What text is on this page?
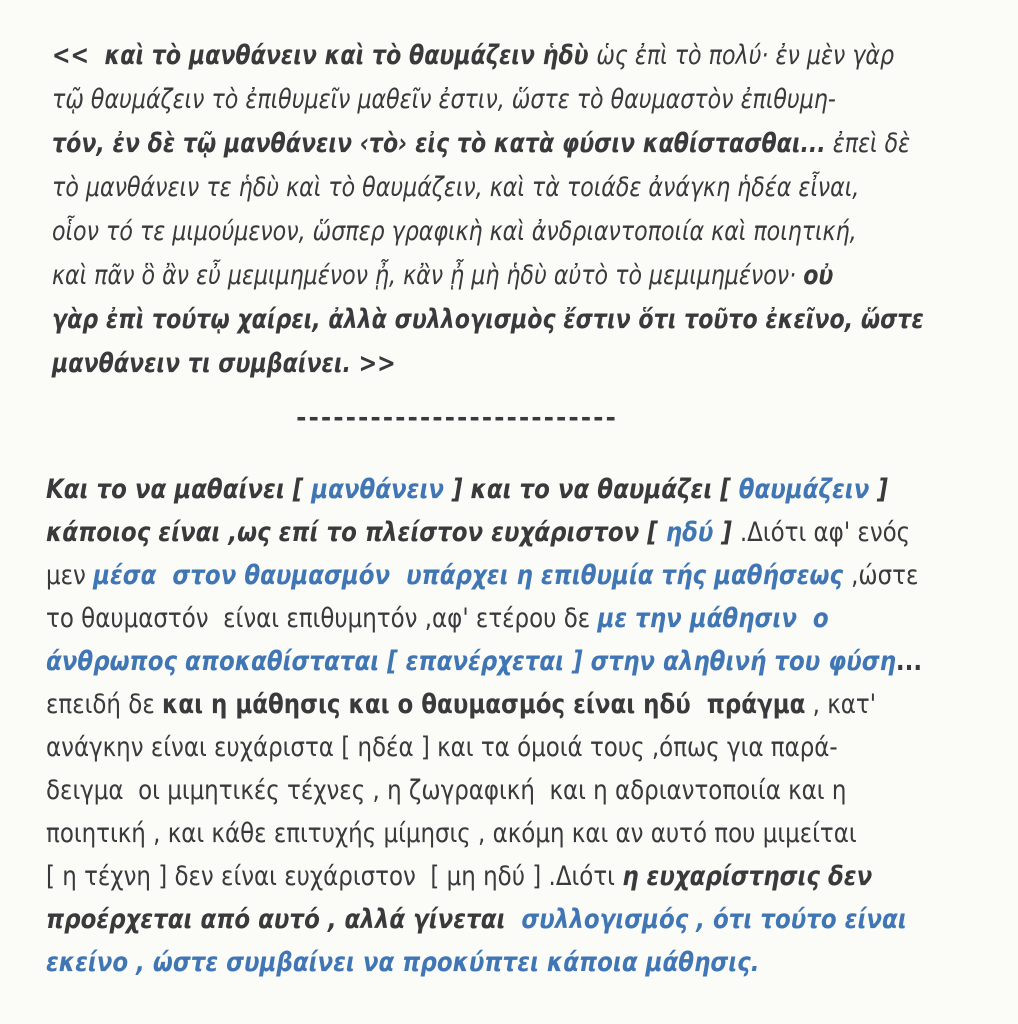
<<  καὶ τὸ μανθάνειν καὶ τὸ θαυμάζειν ἡδὺ ὡς ἐπὶ τὸ πολύ· ἐν μὲν γὰρ
τῷ θαυμάζειν τὸ ἐπιθυμεῖν μαθεῖν ἐστιν, ὥστε τὸ θαυμαστὸν ἐπιθυμη-
τόν, ἐν δὲ τῷ μανθάνειν ‹τὸ› εἰς τὸ κατὰ φύσιν καθίστασθαι... ἐπεὶ δὲ
τὸ μανθάνειν τε ἡδὺ καὶ τὸ θαυμάζειν, καὶ τὰ τοιάδε ἀνάγκη ἡδέα εἶναι,
οἷον τό τε μιμούμενον, ὥσπερ γραφικὴ καὶ ἀνδριαντοποιία καὶ ποιητική,
καὶ πᾶν ὃ ἂν εὖ μεμιμημένον ᾖ, κἂν ᾖ μὴ ἡδὺ αὐτὸ τὸ μεμιμημένον· οὐ
γὰρ ἐπὶ τούτῳ χαίρει, ἀλλὰ συλλογισμὸς ἔστιν ὅτι τοῦτο ἐκεῖνο, ὥστε
μανθάνειν τι συμβαίνει. >>
--------------------------
Και το να μαθαίνει [ μανθάνειν ] και το να θαυμάζει [ θαυμάζειν ]
κάποιος είναι ,ως επί το πλείστον ευχάριστον [ ηδύ ] .Διότι αφ' ενός
μεν μέσα  στον θαυμασμόν  υπάρχει η επιθυμία τής μαθήσεως ,ώστε
το θαυμαστόν  είναι επιθυμητόν ,αφ' ετέρου δε με την μάθησιν  ο
άνθρωπος αποκαθίσταται [ επανέρχεται ] στην αληθινή του φύση...
επειδή δε και η μάθησις και ο θαυμασμός είναι ηδύ  πράγμα , κατ'
ανάγκην είναι ευχάριστα [ ηδέα ] και τα όμοιά τους ,όπως για παρά-
δειγμα  οι μιμητικές τέχνες , η ζωγραφική  και η αδριαντοποιία και η
ποιητική , και κάθε επιτυχής μίμησις , ακόμη και αν αυτό που μιμείται
[ η τέχνη ] δεν είναι ευχάριστον  [ μη ηδύ ] .Διότι η ευχαρίστησις δεν
προέρχεται από αυτό , αλλά γίνεται  συλλογισμός , ότι τούτο είναι
εκείνο , ώστε συμβαίνει να προκύπτει κάποια μάθησις.
